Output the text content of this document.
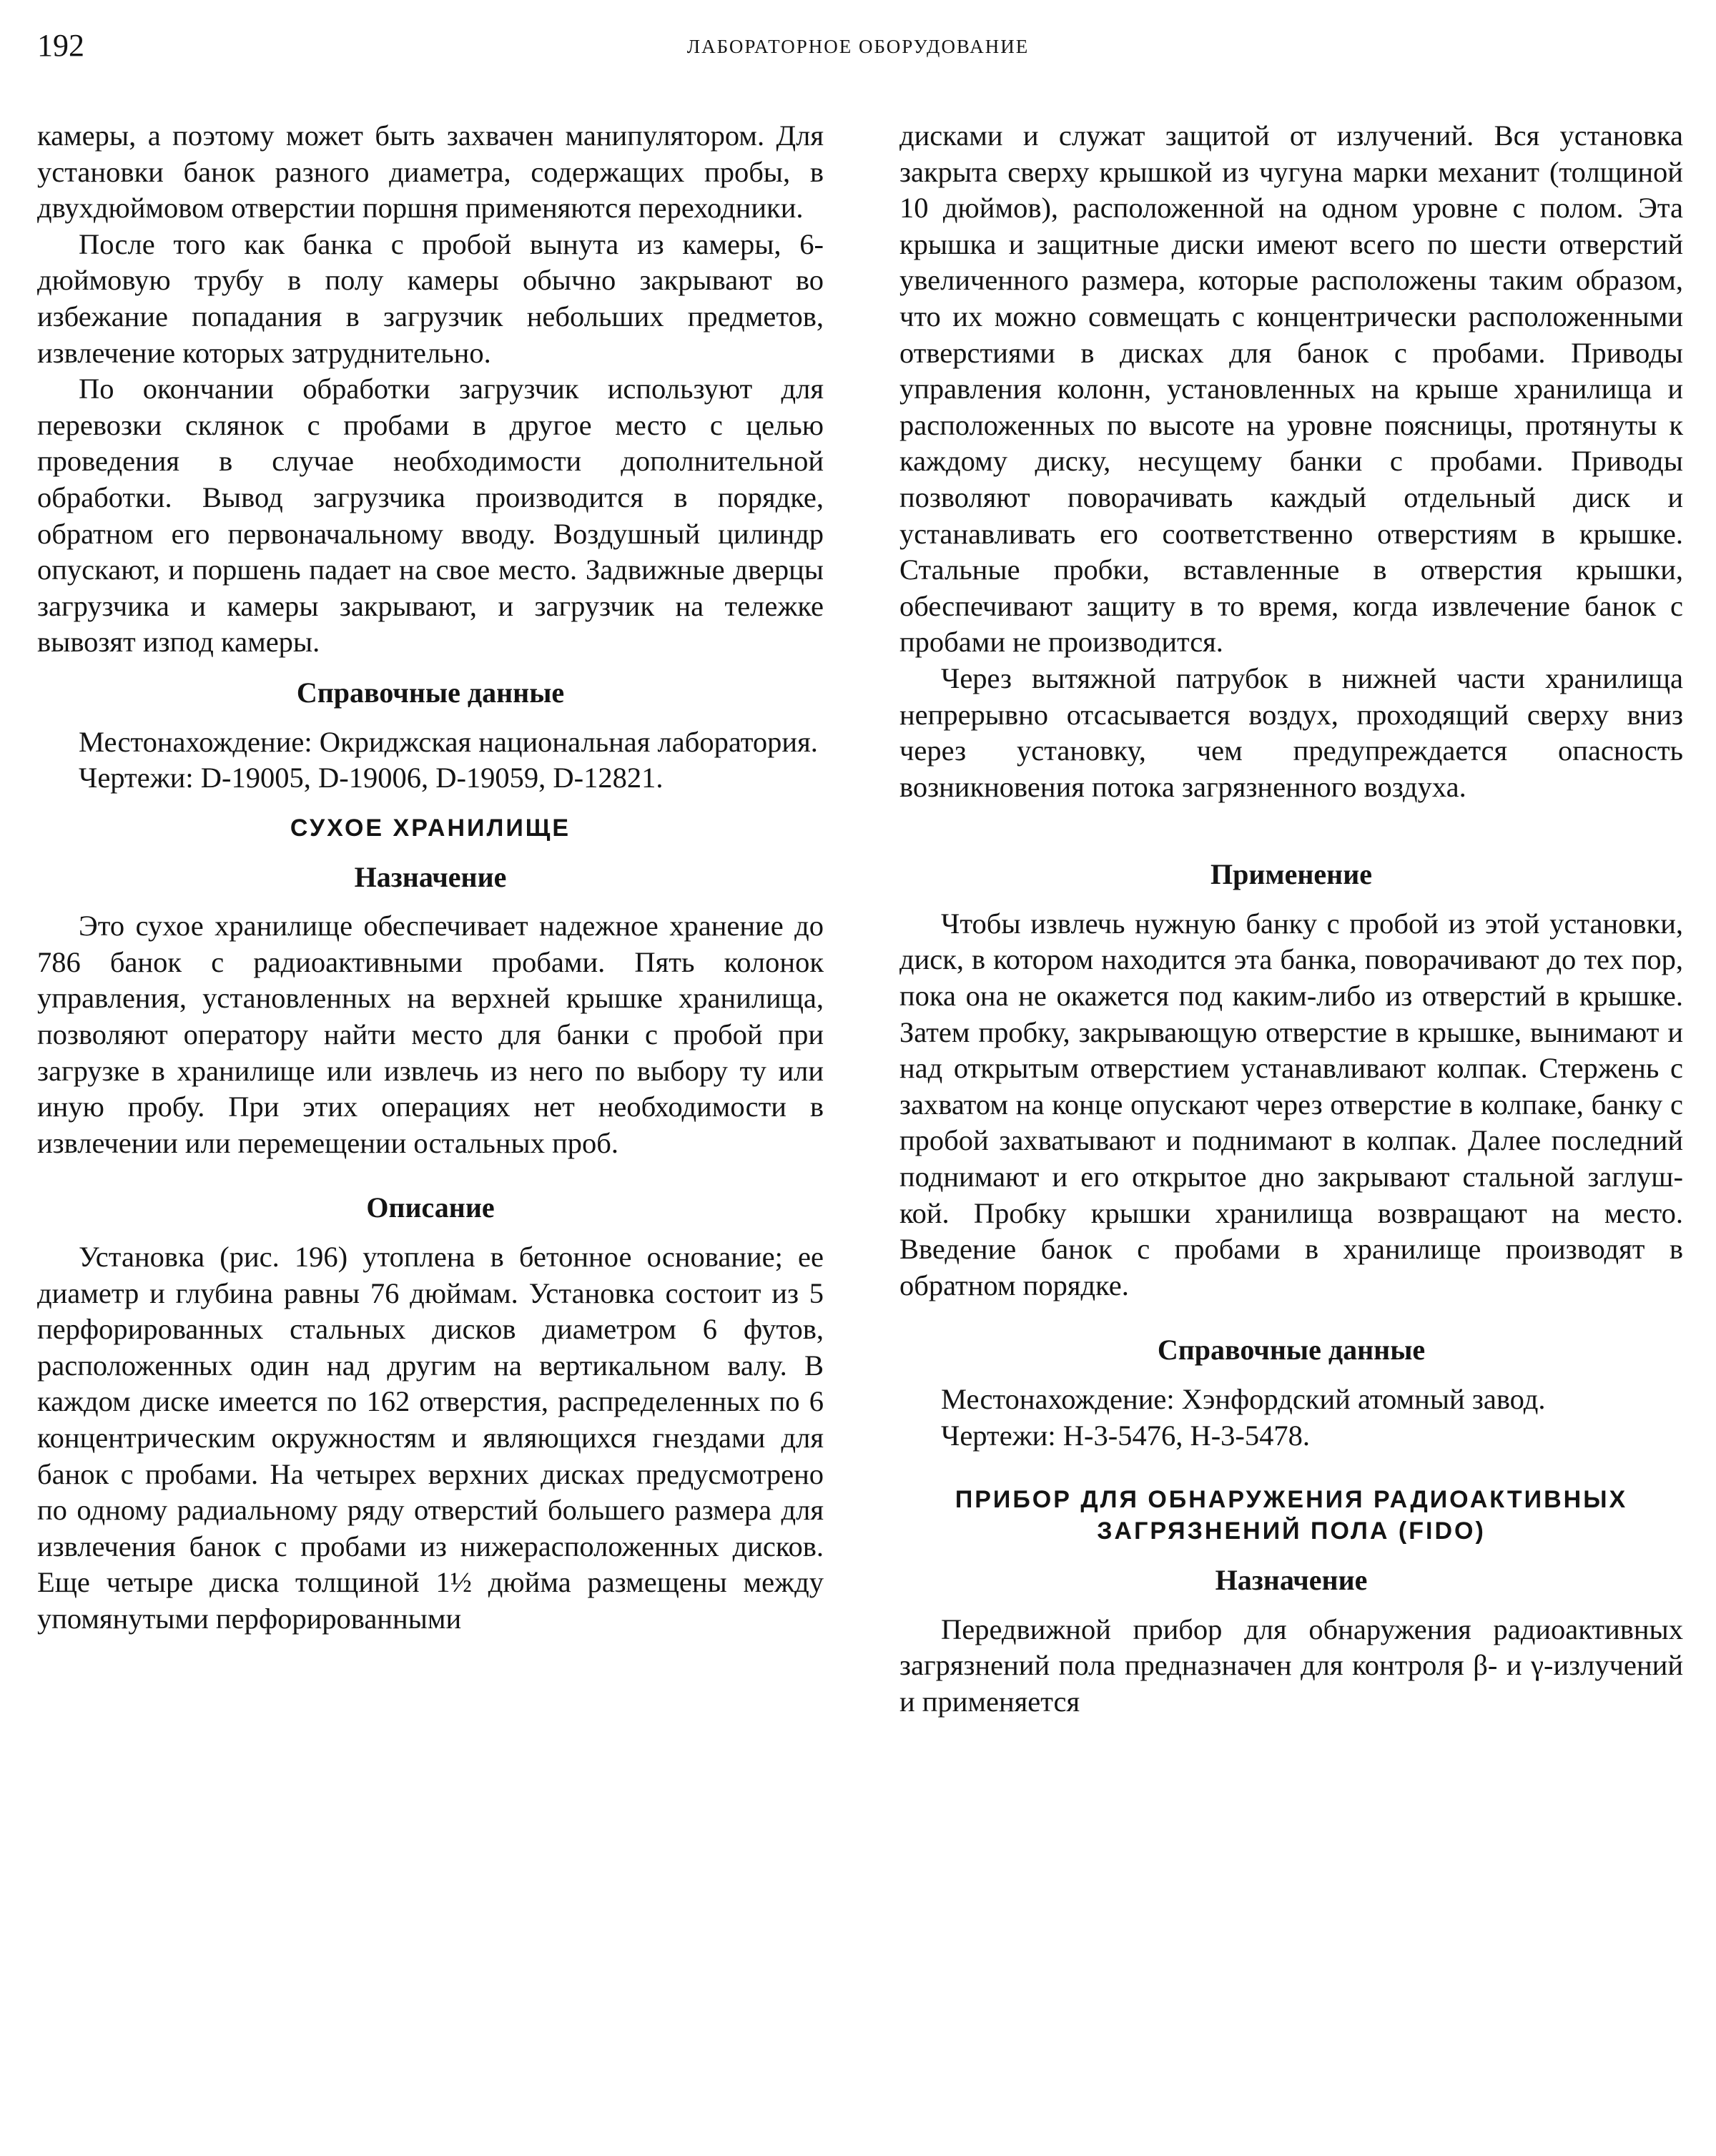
192	ЛАБОРАТОРНОЕ ОБОРУДОВАНИЕ

камеры, а поэтому может быть захвачен манипулятором. Для установки банок разного диаметра, содержащих пробы, в двухдюймовом отверстии поршня применяются переходники.

После того как банка с пробой вынута из камеры, 6-дюймовую трубу в полу камеры обычно закрывают во избежание попадания в загрузчик небольших предметов, извлечение которых затруднительно.

По окончании обработки загрузчик используют для перевозки склянок с пробами в другое место с целью проведения в случае необходимости дополнительной обработки. Вывод загрузчика производится в порядке, обратном его первоначальному вводу. Воздушный цилиндр опускают, и поршень падает на свое место. Задвижные дверцы загрузчика и камеры закрывают, и загрузчик на тележке вывозят изпод камеры.

Справочные данные

Местонахождение: Окриджская национальная лаборатория.

Чертежи: D-19005, D-19006, D-19059, D-12821.

СУХОЕ ХРАНИЛИЩЕ
Назначение

Это сухое хранилище обеспечивает надежное хранение до 786 банок с радиоактивными пробами. Пять колонок управления, установленных на верхней крышке хранилища, позволяют оператору найти место для банки с пробой при загрузке в хранилище или извлечь из него по выбору ту или иную пробу. При этих операциях нет необходимости в извлечении или перемещении остальных проб.

Описание

Установка (рис. 196) утоплена в бетонное основание; ее диаметр и глубина равны 76 дюймам. Установка состоит из 5 перфорированных стальных дисков диаметром 6 футов, расположенных один над другим на вертикальном валу. В каждом диске имеется по 162 отверстия, распределенных по 6 концентрическим окружностям и являющихся гнездами для банок с пробами. На четырех верхних дисках предусмотрено по одному радиальному ряду отверстий большего размера для извлечения банок с пробами из нижерасположенных дисков. Еще четыре диска толщиной 1½ дюйма размещены между упомянутыми перфорированными

дисками и служат защитой от излучений. Вся установка закрыта сверху крышкой из чугуна марки механит (толщиной 10 дюймов), расположенной на одном уровне с полом. Эта крышка и защитные диски имеют всего по шести отверстий увеличенного размера, которые расположены таким образом, что их можно совмещать с концентрически расположенными отверстиями в дисках для банок с пробами. Приводы управления колонн, установленных на крыше хранилища и расположенных по высоте на уровне поясницы, протянуты к каждому диску, несущему банки с пробами. Приводы позволяют поворачивать каждый отдельный диск и устанавливать его соответственно отверстиям в крышке. Стальные пробки, вставленные в отверстия крышки, обеспечивают защиту в то время, когда извлечение банок с пробами не производится.

Через вытяжной патрубок в нижней части хранилища непрерывно отсасывается воздух, проходящий сверху вниз через установку, чем предупреждается опасность возникновения потока загрязненного воздуха.

Применение

Чтобы извлечь нужную банку с пробой из этой установки, диск, в котором находится эта банка, поворачивают до тех пор, пока она не окажется под каким-либо из отверстий в крышке. Затем пробку, закрывающую отверстие в крышке, вынимают и над открытым отверстием устанавливают колпак. Стержень с захватом на конце опускают через отверстие в колпаке, банку с пробой захватывают и поднимают в колпак. Далее последний поднимают и его открытое дно закрывают стальной заглушкой. Пробку крышки хранилища возвращают на место. Введение банок с пробами в хранилище производят в обратном порядке.

Справочные данные

Местонахождение: Хэнфордский атомный завод.

Чертежи: H-3-5476, H-3-5478.

ПРИБОР ДЛЯ ОБНАРУЖЕНИЯ РАДИОАКТИВНЫХ ЗАГРЯЗНЕНИЙ ПОЛА (FIDO)
Назначение

Передвижной прибор для обнаружения радиоактивных загрязнений пола предназначен для контроля β- и γ-излучений и применяется
